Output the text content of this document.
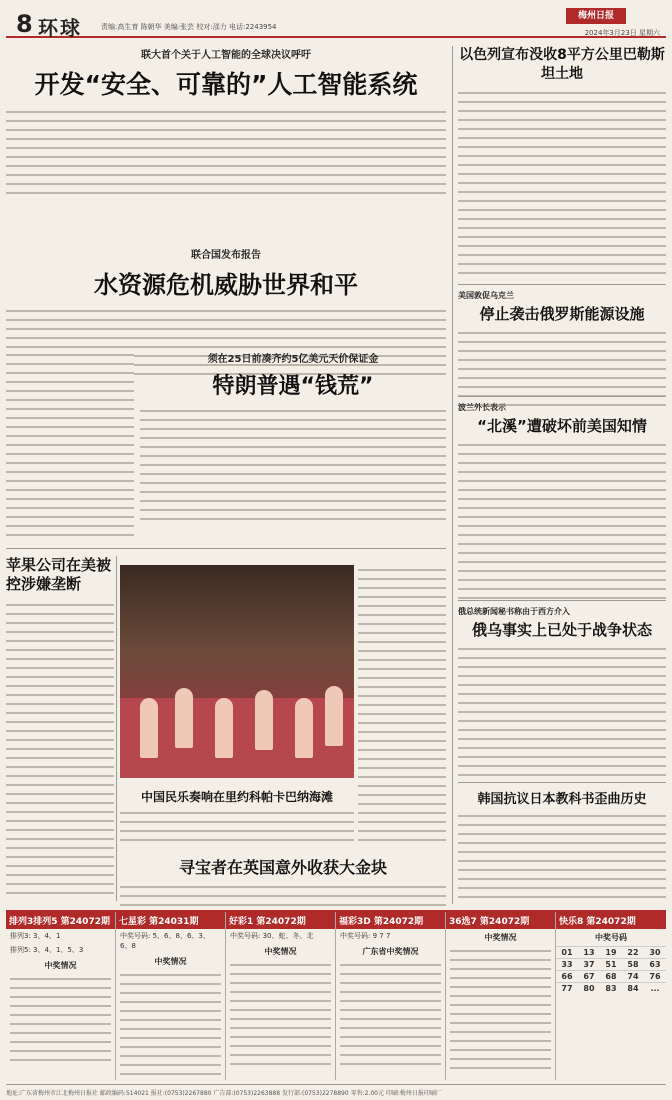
8 环球	责编:高生育 陈朝华 美编:张芸 校对:邵力 电话:2243954
梅州日报
2024年3月23日 星期六
联大首个关于人工智能的全球决议呼吁
开发“安全、可靠的”人工智能系统
联合国发布报告
水资源危机威胁世界和平
须在25日前凑齐约5亿美元天价保证金
特朗普遇“钱荒”
苹果公司在美被控涉嫌垄断
中国民乐奏响在里约科帕卡巴纳海滩
寻宝者在英国意外收获大金块
以色列宣布没收8平方公里巴勒斯坦土地
美国敦促乌克兰
停止袭击俄罗斯能源设施
波兰外长表示
“北溪”遭破坏前美国知情
俄总统新闻秘书称由于西方介入
俄乌事实上已处于战争状态
韩国抗议日本教科书歪曲历史
排列3排列5 第24072期
排列3: 3、4、1
排列5: 3、4、1、5、3
中奖情况
七星彩 第24031期
中奖号码: 5、6、8、6、3、6、8
中奖情况
好彩1 第24072期
中奖号码: 30、蛇、冬、北
中奖情况
福彩3D 第24072期
中奖号码: 9 7 7
广东省中奖情况
36选7 第24072期
中奖情况
快乐8 第24072期
中奖号码
01	13	19	22	30
33	37	51	58	63
66	67	68	74	76
77	80	83	84	...
地址:广东省梅州市江北梅州日报社 邮政编码:514021 报社:(0753)2267880 广告部:(0753)2263888 发行部:(0753)2278890 零售:2.00元 印刷:梅州日报印刷厂
